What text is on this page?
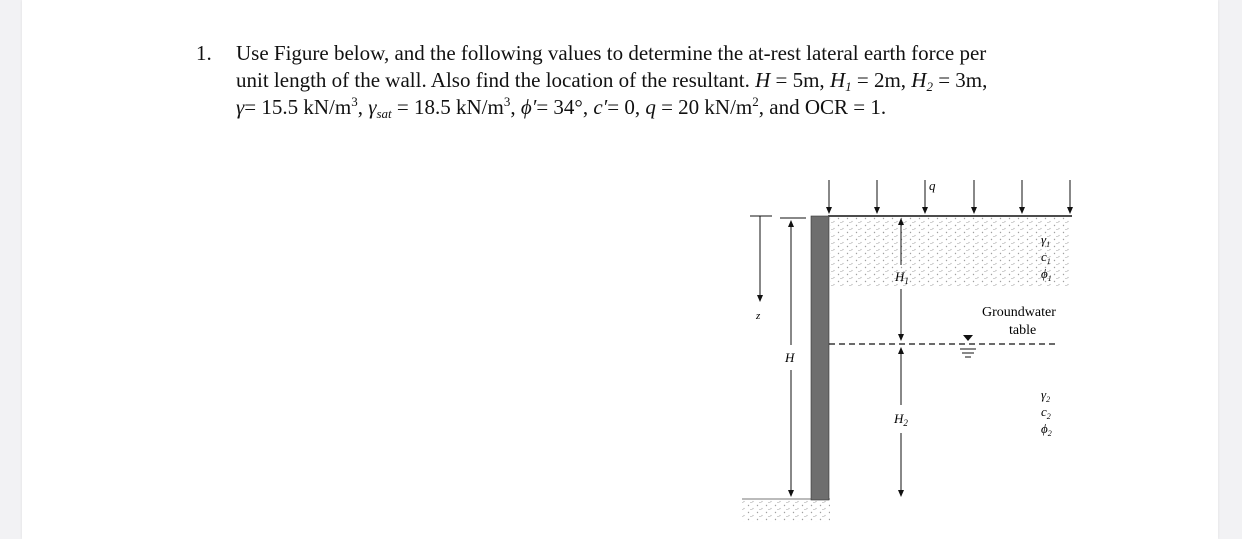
1. Use Figure below, and the following values to determine the at-rest lateral earth force per
unit length of the wall. Also find the location of the resultant. H = 5m, $H_1 = 2m$, $H_2 = 3m$,
γ= 15.5 $kN/m^3$, $\gamma_{sat} = 18.5$ $kN/m^3$, ϕ′= 34°, c′= 0, q = 20 $kN/m^2$, and OCR = 1.
q
z
H
$H_1$
Groundwater
table
$H_2$
$\gamma_1$
$c_1$
$\phi_1$
$\gamma_2$
$c_2$
$\phi_2$
